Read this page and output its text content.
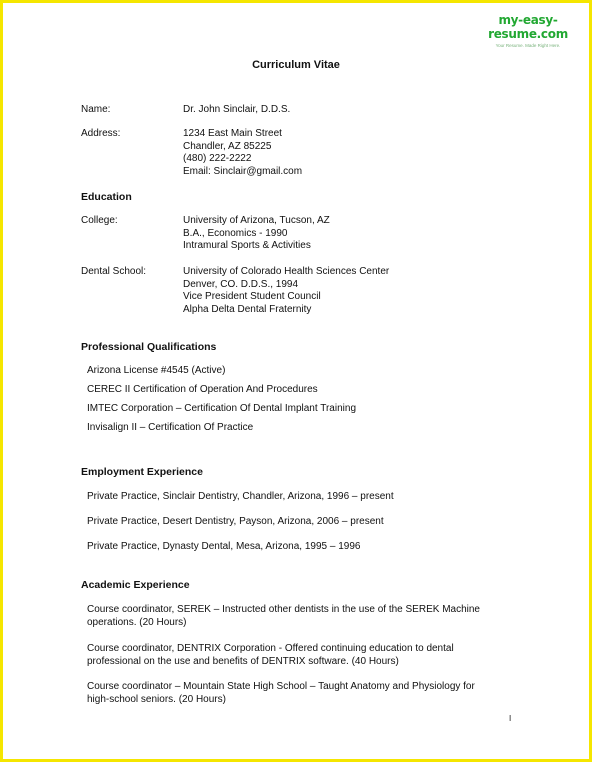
my-easy-resume.com
Your Resume. Made Right Here.
Curriculum Vitae
Name:	Dr. John Sinclair, D.D.S.
Address:	1234 East Main Street
Chandler, AZ 85225
(480) 222-2222
Email: Sinclair@gmail.com
Education
College:	University of Arizona, Tucson, AZ
B.A., Economics - 1990
Intramural Sports & Activities
Dental School:	University of Colorado Health Sciences Center
Denver, CO. D.D.S., 1994
Vice President Student Council
Alpha Delta Dental Fraternity
Professional Qualifications
Arizona License #4545 (Active)
CEREC II Certification of Operation And Procedures
IMTEC Corporation – Certification Of Dental Implant Training
Invisalign II – Certification Of Practice
Employment Experience
Private Practice, Sinclair Dentistry, Chandler, Arizona, 1996 – present
Private Practice, Desert Dentistry, Payson, Arizona, 2006 – present
Private Practice, Dynasty Dental, Mesa, Arizona, 1995 – 1996
Academic Experience
Course coordinator, SEREK – Instructed other dentists in the use of the SEREK Machine
operations. (20 Hours)
Course coordinator, DENTRIX Corporation - Offered continuing education to dental
professional on the use and benefits of DENTRIX software. (40 Hours)
Course coordinator – Mountain State High School – Taught Anatomy and Physiology for
high-school seniors. (20 Hours)
I
